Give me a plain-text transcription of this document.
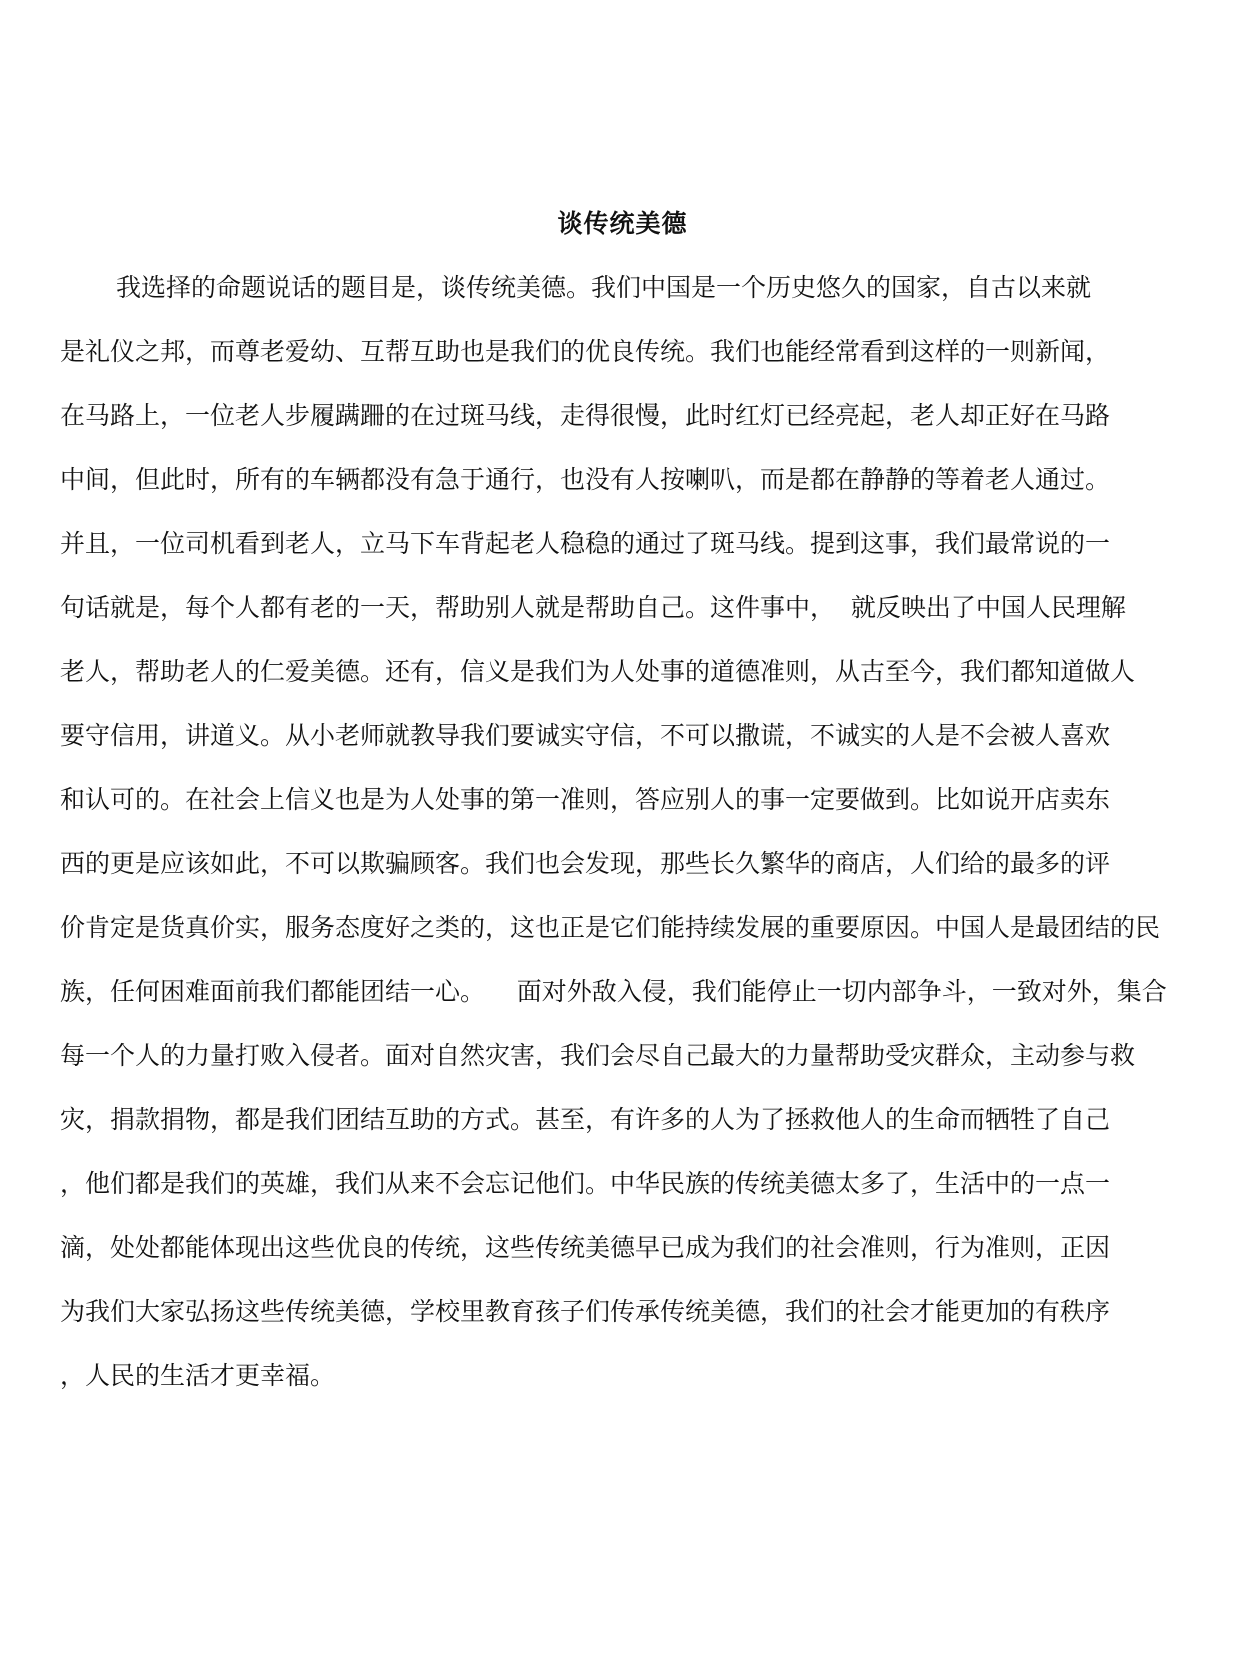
谈传统美德
我选择的命题说话的题目是，谈传统美德。我们中国是一个历史悠久的国家，自古以来就
是礼仪之邦，而尊老爱幼、互帮互助也是我们的优良传统。我们也能经常看到这样的一则新闻，
在马路上，一位老人步履蹒跚的在过斑马线，走得很慢，此时红灯已经亮起，老人却正好在马路
中间，但此时，所有的车辆都没有急于通行，也没有人按喇叭，而是都在静静的等着老人通过。
并且，一位司机看到老人，立马下车背起老人稳稳的通过了斑马线。提到这事，我们最常说的一
句话就是，每个人都有老的一天，帮助别人就是帮助自己。这件事中，  就反映出了中国人民理解
老人，帮助老人的仁爱美德。还有，信义是我们为人处事的道德准则，从古至今，我们都知道做人
要守信用，讲道义。从小老师就教导我们要诚实守信，不可以撒谎，不诚实的人是不会被人喜欢
和认可的。在社会上信义也是为人处事的第一准则，答应别人的事一定要做到。比如说开店卖东
西的更是应该如此，不可以欺骗顾客。我们也会发现，那些长久繁华的商店，人们给的最多的评
价肯定是货真价实，服务态度好之类的，这也正是它们能持续发展的重要原因。中国人是最团结的民
族，任何困难面前我们都能团结一心。    面对外敌入侵，我们能停止一切内部争斗，一致对外，集合
每一个人的力量打败入侵者。面对自然灾害，我们会尽自己最大的力量帮助受灾群众，主动参与救
灾，捐款捐物，都是我们团结互助的方式。甚至，有许多的人为了拯救他人的生命而牺牲了自己
，他们都是我们的英雄，我们从来不会忘记他们。中华民族的传统美德太多了，生活中的一点一
滴，处处都能体现出这些优良的传统，这些传统美德早已成为我们的社会准则，行为准则，正因
为我们大家弘扬这些传统美德，学校里教育孩子们传承传统美德，我们的社会才能更加的有秩序
，人民的生活才更幸福。
